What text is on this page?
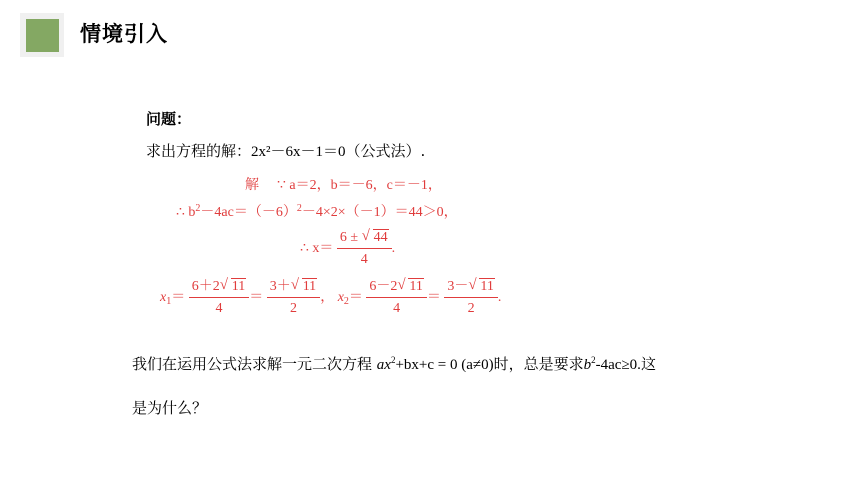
情境引入
问题：
求出方程的解：2x²－6x－1＝0（公式法）.
解 ∵ a＝2，b＝－6，c＝－1，
∴ $b^2-4ac=(-6)^2-4\times 2\times(-1)=44>0$，
∴ $x= \frac{6 \pm √ 44}{4}$ .
$x_1= \frac{6+2 √ 11}{4} = \frac{3+ √ 11}{2}$ ， $x_2= \frac{6-2 √ 11}{4} = \frac{3- √ 11}{2}$ .
我们在运用公式法求解一元二次方程 $ax^2+bx+c = 0$ (a≠0)时，总是要求$b^2-4ac\ge 0$.这
是为什么？
